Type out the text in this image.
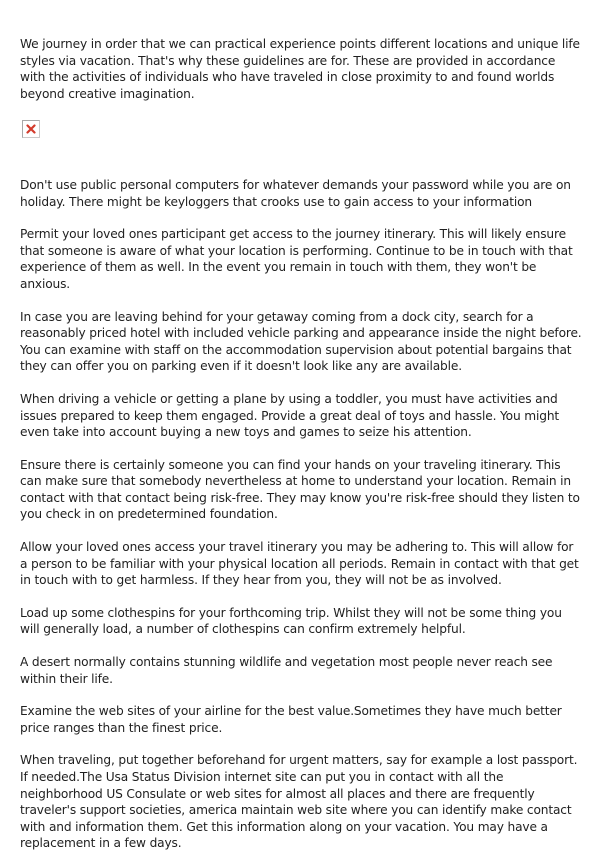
We journey in order that we can practical experience points different locations and unique life styles via vacation. That's why these guidelines are for. These are provided in accordance with the activities of individuals who have traveled in close proximity to and found worlds beyond creative imagination.

Don't use public personal computers for whatever demands your password while you are on holiday. There might be keyloggers that crooks use to gain access to your information

Permit your loved ones participant get access to the journey itinerary. This will likely ensure that someone is aware of what your location is performing. Continue to be in touch with that experience of them as well. In the event you remain in touch with them, they won't be anxious.

In case you are leaving behind for your getaway coming from a dock city, search for a reasonably priced hotel with included vehicle parking and appearance inside the night before. You can examine with staff on the accommodation supervision about potential bargains that they can offer you on parking even if it doesn't look like any are available.

When driving a vehicle or getting a plane by using a toddler, you must have activities and issues prepared to keep them engaged. Provide a great deal of toys and hassle. You might even take into account buying a new toys and games to seize his attention.

Ensure there is certainly someone you can find your hands on your traveling itinerary. This can make sure that somebody nevertheless at home to understand your location. Remain in contact with that contact being risk-free. They may know you're risk-free should they listen to you check in on predetermined foundation.

Allow your loved ones access your travel itinerary you may be adhering to. This will allow for a person to be familiar with your physical location all periods. Remain in contact with that get in touch with to get harmless. If they hear from you, they will not be as involved.

Load up some clothespins for your forthcoming trip. Whilst they will not be some thing you will generally load, a number of clothespins can confirm extremely helpful.

A desert normally contains stunning wildlife and vegetation most people never reach see within their life.

Examine the web sites of your airline for the best value.Sometimes they have much better price ranges than the finest price.

When traveling, put together beforehand for urgent matters, say for example a lost passport. If needed.The Usa Status Division internet site can put you in contact with all the neighborhood US Consulate or web sites for almost all places and there are frequently traveler's support societies, america maintain web site where you can identify make contact with and information them. Get this information along on your vacation. You may have a replacement in a few days.
